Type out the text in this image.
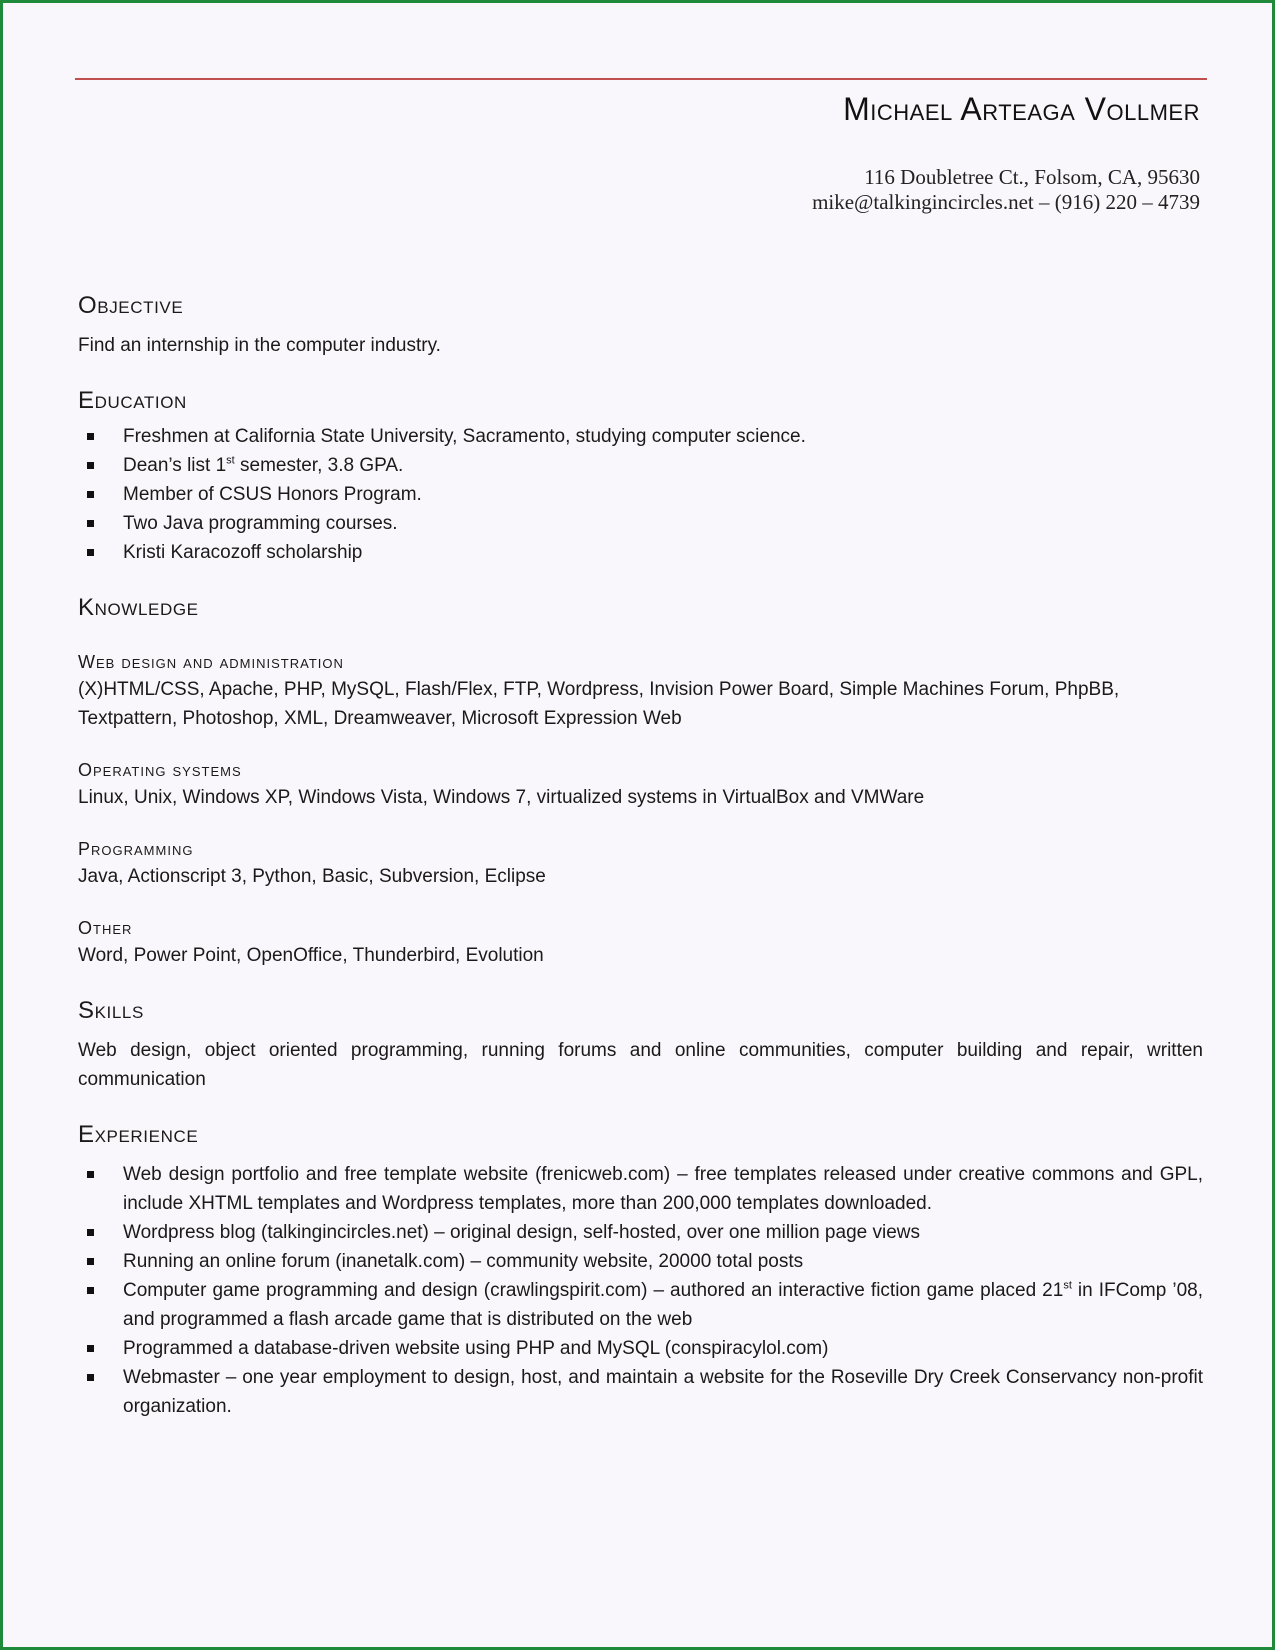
Michael Arteaga Vollmer
116 Doubletree Ct., Folsom, CA, 95630
mike@talkingincircles.net – (916) 220 – 4739
Objective

Find an internship in the computer industry.

Education
Freshmen at California State University, Sacramento, studying computer science.
Dean’s list 1st semester, 3.8 GPA.
Member of CSUS Honors Program.
Two Java programming courses.
Kristi Karacozoff scholarship
Knowledge
Web design and administration

(X)HTML/CSS, Apache, PHP, MySQL, Flash/Flex, FTP, Wordpress, Invision Power Board, Simple Machines Forum, PhpBB, Textpattern, Photoshop, XML, Dreamweaver, Microsoft Expression Web

Operating systems

Linux, Unix, Windows XP, Windows Vista, Windows 7, virtualized systems in VirtualBox and VMWare

Programming

Java, Actionscript 3, Python, Basic, Subversion, Eclipse

Other

Word, Power Point, OpenOffice, Thunderbird, Evolution

Skills

Web design, object oriented programming, running forums and online communities, computer building and repair, written communication

Experience
Web design portfolio and free template website (frenicweb.com) – free templates released under creative commons and GPL, include XHTML templates and Wordpress templates, more than 200,000 templates downloaded.
Wordpress blog (talkingincircles.net) – original design, self-hosted, over one million page views
Running an online forum (inanetalk.com) – community website, 20000 total posts
Computer game programming and design (crawlingspirit.com) – authored an interactive fiction game placed 21st in IFComp ’08, and programmed a flash arcade game that is distributed on the web
Programmed a database-driven website using PHP and MySQL (conspiracylol.com)
Webmaster – one year employment to design, host, and maintain a website for the Roseville Dry Creek Conservancy non-profit organization.
